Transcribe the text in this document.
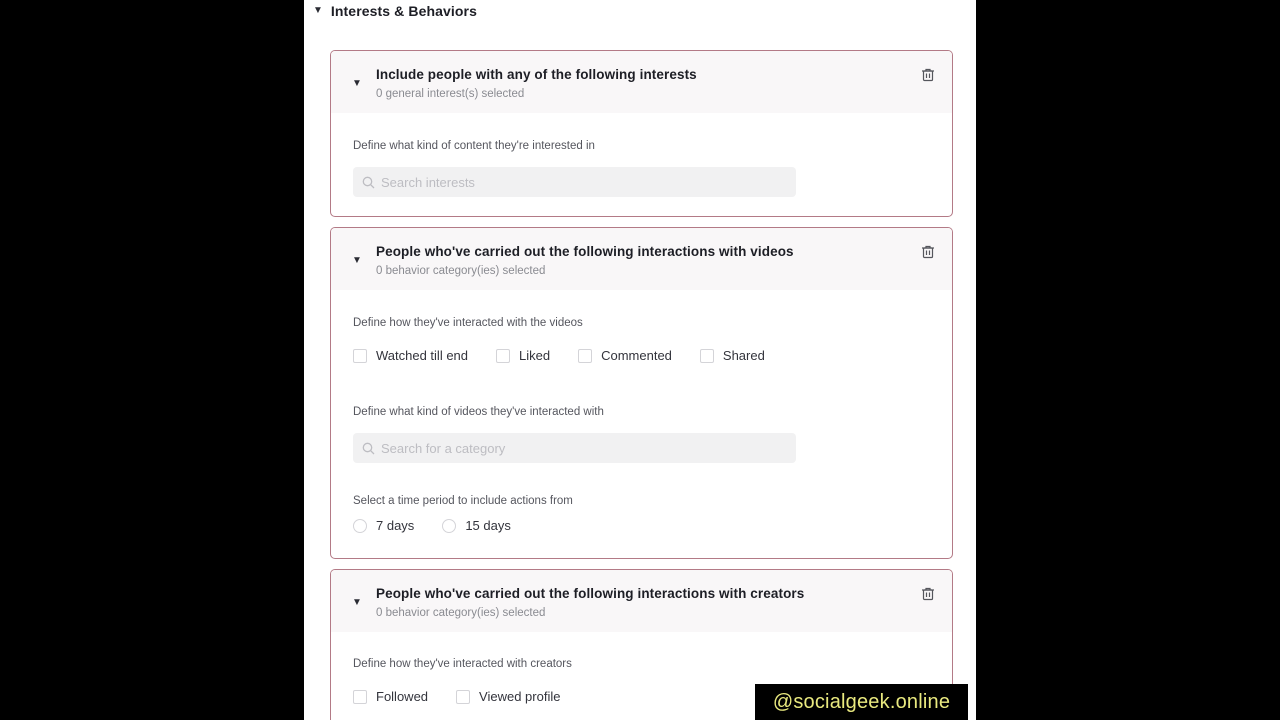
▼ Interests & Behaviors
▼
Include people with any of the following interests
0 general interest(s) selected
Define what kind of content they're interested in
Search interests
▼
People who've carried out the following interactions with videos
0 behavior category(ies) selected
Define how they've interacted with the videos
Watched till end	Liked	Commented	Shared
Define what kind of videos they've interacted with
Search for a category
Select a time period to include actions from
7 days	15 days
▼
People who've carried out the following interactions with creators
0 behavior category(ies) selected
Define how they've interacted with creators
Followed	Viewed profile	@socialgeek.online
